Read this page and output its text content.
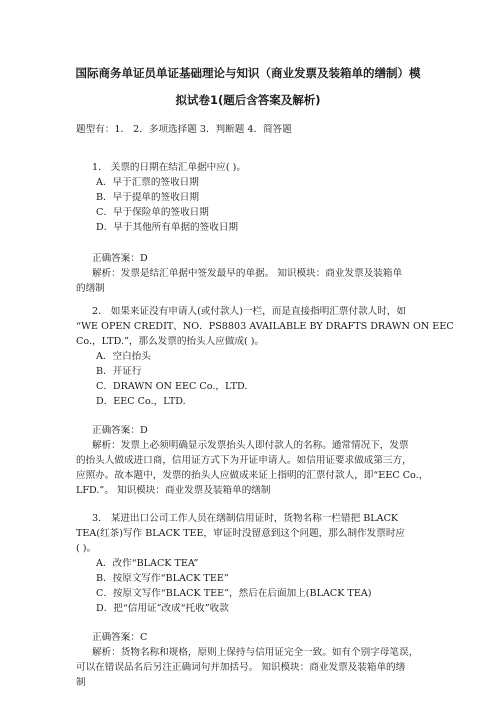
国际商务单证员单证基础理论与知识（商业发票及装箱单的缮制）模
拟试卷1(题后含答案及解析)
题型有：1． 2．多项选择题 3．判断题 4．简答题
1． 关票的日期在结汇单据中应( )。
A．早于汇票的签收日期
B．早于提单的签收日期
C．早于保险单的签收日期
D．早于其他所有单据的签收日期
正确答案：D
解析：发票是结汇单据中签发最早的单据。 知识模块：商业发票及装箱单
的缮制
2． 如果来证没有申请人(或付款人)一栏，而是直接指明汇票付款人时，如
“WE OPEN CREDIT、NO．PS8803 AVAILABLE BY DRAFTS DRAWN ON EEC
Co.，LTD.”，那么发票的抬头人应做成( )。
A．空白抬头
B．开证行
C．DRAWN ON EEC Co.，LTD.
D．EEC Co.，LTD.
正确答案：D
解析：发票上必须明确显示发票抬头人即付款人的名称。通常情况下，发票
的抬头人做成进口商，信用证方式下为开证申请人。如信用证要求做成第三方，
应照办。故本题中，发票的抬头人应做成来证上指明的汇票付款人，即“EEC Co.，
LFD.”。 知识模块：商业发票及装箱单的缮制
3． 某进出口公司工作人员在缮制信用证时，货物名称一栏错把 BLACK
TEA(红茶)写作 BLACK TEE，审证时没留意到这个问题，那么制作发票时应
( )。
A．改作“BLACK TEA”
B．按原文写作“BLACK TEE”
C．按原文写作“BLACK TEE”，然后在后面加上(BLACK TEA)
D．把“信用证”改成“托收”收款
正确答案：C
解析：货物名称和规格，原则上保持与信用证完全一致。如有个别字母笔误，
可以在错误品名后另注正确词句并加括号。 知识模块：商业发票及装箱单的缮
制
